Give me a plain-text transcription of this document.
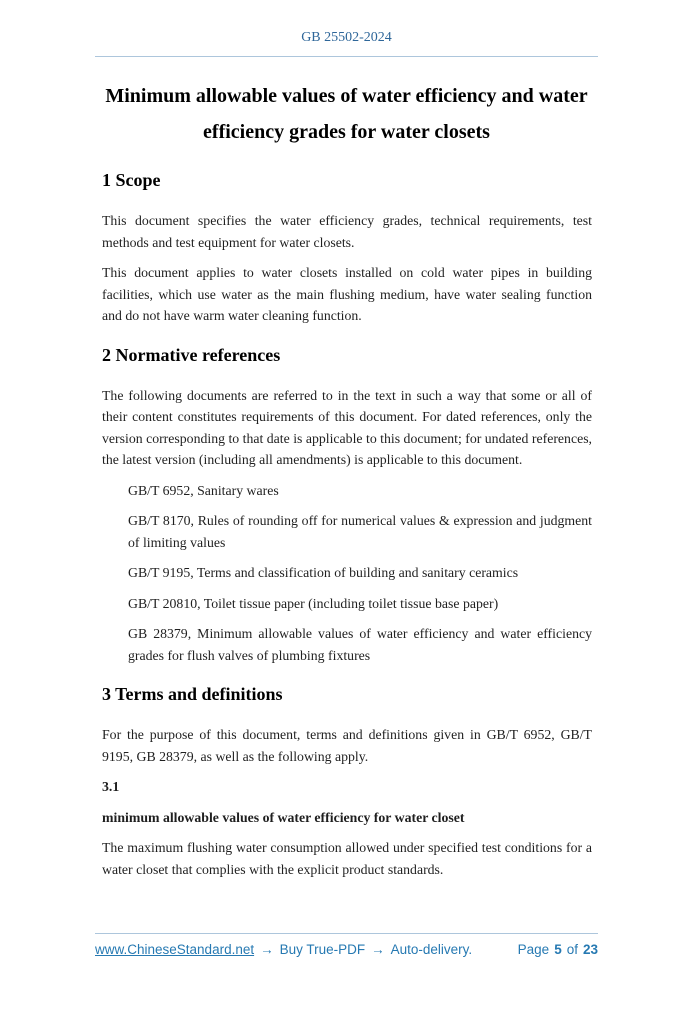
GB 25502-2024
Minimum allowable values of water efficiency and water
efficiency grades for water closets
1 Scope

This document specifies the water efficiency grades, technical requirements, test methods and test equipment for water closets.

This document applies to water closets installed on cold water pipes in building facilities, which use water as the main flushing medium, have water sealing function and do not have warm water cleaning function.

2 Normative references

The following documents are referred to in the text in such a way that some or all of their content constitutes requirements of this document. For dated references, only the version corresponding to that date is applicable to this document; for undated references, the latest version (including all amendments) is applicable to this document.

GB/T 6952, Sanitary wares

GB/T 8170, Rules of rounding off for numerical values & expression and judgment of limiting values

GB/T 9195, Terms and classification of building and sanitary ceramics

GB/T 20810, Toilet tissue paper (including toilet tissue base paper)

GB 28379, Minimum allowable values of water efficiency and water efficiency grades for flush valves of plumbing fixtures

3 Terms and definitions

For the purpose of this document, terms and definitions given in GB/T 6952, GB/T 9195, GB 28379, as well as the following apply.

3.1

minimum allowable values of water efficiency for water closet

The maximum flushing water consumption allowed under specified test conditions for a water closet that complies with the explicit product standards.

www.ChineseStandard.net → Buy True-PDF → Auto-delivery.	Page 5 of 23
